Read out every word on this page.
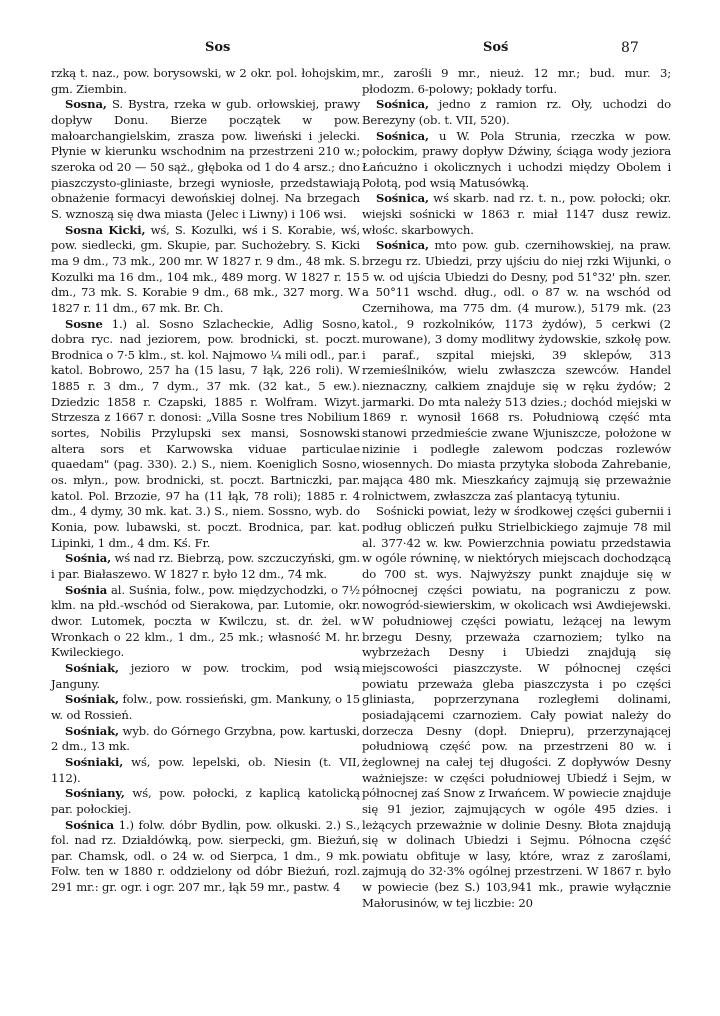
Sos	Soś	87

rzką t. naz., pow. borysowski, w 2 okr. pol. łohojskim, gm. Ziembin.

Sosna, S. Bystra, rzeka w gub. orłowskiej, prawy dopływ Donu. Bierze początek w pow. małoarchangielskim, zrasza pow. liweński i jelecki. Płynie w kierunku wschodnim na przestrzeni 210 w.; szeroka od 20 — 50 sąż., głęboka od 1 do 4 arsz.; dno piaszczysto-gliniaste, brzegi wyniosłe, przedstawiają obnażenie formacyi dewońskiej dolnej. Na brzegach S. wznoszą się dwa miasta (Jelec i Liwny) i 106 wsi.

Sosna Kicki, wś, S. Kozulki, wś i S. Korabie, wś, pow. siedlecki, gm. Skupie, par. Suchożebry. S. Kicki ma 9 dm., 73 mk., 200 mr. W 1827 r. 9 dm., 48 mk. S. Kozulki ma 16 dm., 104 mk., 489 morg. W 1827 r. 15 dm., 73 mk. S. Korabie 9 dm., 68 mk., 327 morg. W 1827 r. 11 dm., 67 mk. Br. Ch.

Sosne 1.) al. Sosno Szlacheckie, Adlig Sosno, dobra ryc. nad jeziorem, pow. brodnicki, st. poczt. Brodnica o 7·5 klm., st. kol. Najmowo ¼ mili odl., par. katol. Bobrowo, 257 ha (15 lasu, 7 łąk, 226 roli). W 1885 r. 3 dm., 7 dym., 37 mk. (32 kat., 5 ew.). Dziedzic 1858 r. Czapski, 1885 r. Wolfram. Wizyt. Strzesza z 1667 r. donosi: „Villa Sosne tres Nobilium sortes, Nobilis Przylupski sex mansi, Sosnowski altera sors et Karwowska viduae particulae quaedam" (pag. 330). 2.) S., niem. Koeniglich Sosno, os. młyn., pow. brodnicki, st. poczt. Bartniczki, par. katol. Pol. Brzozie, 97 ha (11 łąk, 78 roli); 1885 r. 4 dm., 4 dymy, 30 mk. kat. 3.) S., niem. Sossno, wyb. do Konia, pow. lubawski, st. poczt. Brodnica, par. kat. Lipinki, 1 dm., 4 dm. Kś. Fr.

Sośnia, wś nad rz. Biebrzą, pow. szczuczyński, gm. i par. Białaszewo. W 1827 r. było 12 dm., 74 mk.

Sośnia al. Suśnia, folw., pow. międzychodzki, o 7½ klm. na płd.-wschód od Sierakowa, par. Lutomie, okr. dwor. Lutomek, poczta w Kwilczu, st. dr. żel. w Wronkach o 22 klm., 1 dm., 25 mk.; własność M. hr. Kwileckiego.

Sośniak, jezioro w pow. trockim, pod wsią Janguny.

Sośniak, folw., pow. rossieński, gm. Mankuny, o 15 w. od Rossień.

Sośniak, wyb. do Górnego Grzybna, pow. kartuski, 2 dm., 13 mk.

Sośniaki, wś, pow. lepelski, ob. Niesin (t. VII, 112).

Sośniany, wś, pow. połocki, z kaplicą katolicką par. połockiej.

Sośnica 1.) folw. dóbr Bydlin, pow. olkuski. 2.) S., fol. nad rz. Działdówką, pow. sierpecki, gm. Bieżuń, par. Chamsk, odl. o 24 w. od Sierpca, 1 dm., 9 mk. Folw. ten w 1880 r. oddzielony od dóbr Bieżuń, rozl. 291 mr.: gr. ogr. i ogr. 207 mr., łąk 59 mr., pastw. 4

mr., zarośli 9 mr., nieuż. 12 mr.; bud. mur. 3; płodozm. 6-polowy; pokłady torfu.

Sośnica, jedno z ramion rz. Oły, uchodzi do Berezyny (ob. t. VII, 520).

Sośnica, u W. Pola Strunia, rzeczka w pow. połockim, prawy dopływ Dźwiny, ściąga wody jeziora Łańcużno i okolicznych i uchodzi między Obolem i Połotą, pod wsią Matusówką.

Sośnica, wś skarb. nad rz. t. n., pow. połocki; okr. wiejski sośnicki w 1863 r. miał 1147 dusz rewiz. włośc. skarbowych.

Sośnica, mto pow. gub. czernihowskiej, na praw. brzegu rz. Ubiedzi, przy ujściu do niej rzki Wijunki, o 5 w. od ujścia Ubiedzi do Desny, pod 51°32' płn. szer. a 50°11 wschd. dług., odl. o 87 w. na wschód od Czernihowa, ma 775 dm. (4 murow.), 5179 mk. (23 katol., 9 rozkolników, 1173 żydów), 5 cerkwi (2 murowane), 3 domy modlitwy żydowskie, szkołę pow. i paraf., szpital miejski, 39 sklepów, 313 rzemieślników, wielu zwłaszcza szewców. Handel nieznaczny, całkiem znajduje się w ręku żydów; 2 jarmarki. Do mta należy 513 dzies.; dochód miejski w 1869 r. wynosił 1668 rs. Południową część mta stanowi przedmieście zwane Wjuniszcze, położone w nizinie i podległe zalewom podczas rozlewów wiosennych. Do miasta przytyka słoboda Zahrebanie, mająca 480 mk. Mieszkańcy zajmują się przeważnie rolnictwem, zwłaszcza zaś plantacyą tytuniu.

Sośnicki powiat, leży w środkowej części gubernii i podług obliczeń pułku Strielbickiego zajmuje 78 mil al. 377·42 w. kw. Powierzchnia powiatu przedstawia w ogóle równinę, w niektórych miejscach dochodzącą do 700 st. wys. Najwyższy punkt znajduje się w północnej części powiatu, na pograniczu z pow. nowogród-siewierskim, w okolicach wsi Awdiejewski. W południowej części powiatu, leżącej na lewym brzegu Desny, przeważa czarnoziem; tylko na wybrzeżach Desny i Ubiedzi znajdują się miejscowości piaszczyste. W północnej części powiatu przeważa gleba piaszczysta i po części gliniasta, poprzerzynana rozległemi dolinami, posiadającemi czarnoziem. Cały powiat należy do dorzecza Desny (dopł. Dniepru), przerzynającej południową część pow. na przestrzeni 80 w. i żeglownej na całej tej długości. Z dopływów Desny ważniejsze: w części południowej Ubiedź i Sejm, w północnej zaś Snow z Irwańcem. W powiecie znajduje się 91 jezior, zajmujących w ogóle 495 dzies. i leżących przeważnie w dolinie Desny. Błota znajdują się w dolinach Ubiedzi i Sejmu. Północna część powiatu obfituje w lasy, które, wraz z zaroślami, zajmują do 32·3% ogólnej przestrzeni. W 1867 r. było w powiecie (bez S.) 103,941 mk., prawie wyłącznie Małorusinów, w tej liczbie: 20
